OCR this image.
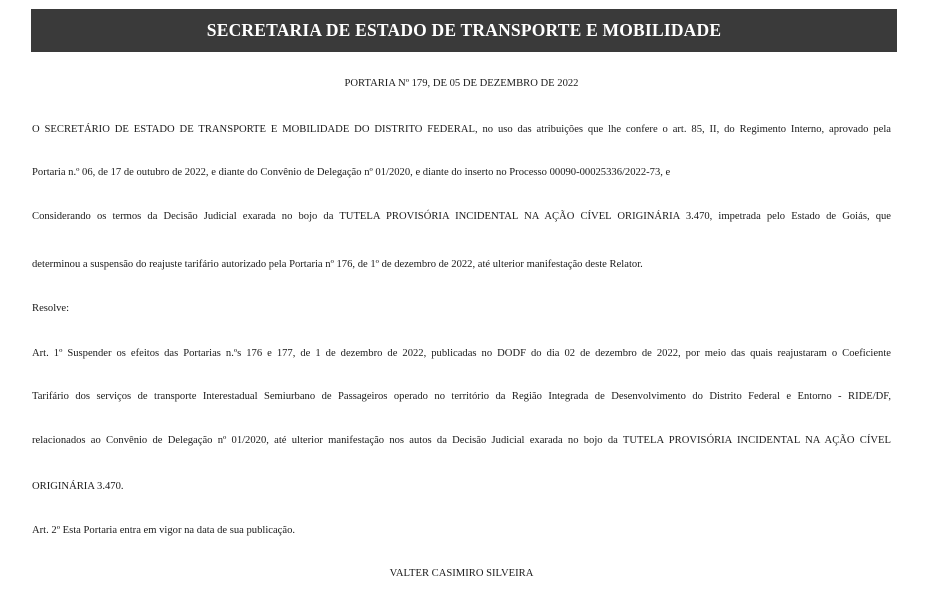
SECRETARIA DE ESTADO DE TRANSPORTE E MOBILIDADE
PORTARIA Nº 179, DE 05 DE DEZEMBRO DE 2022
O SECRETÁRIO DE ESTADO DE TRANSPORTE E MOBILIDADE DO DISTRITO FEDERAL, no uso das atribuições que lhe confere o art. 85, II, do Regimento Interno, aprovado pela
Portaria n.º 06, de 17 de outubro de 2022, e diante do Convênio de Delegação nº 01/2020, e diante do inserto no Processo 00090-00025336/2022-73, e
Considerando os termos da Decisão Judicial exarada no bojo da TUTELA PROVISÓRIA INCIDENTAL NA AÇÃO CÍVEL ORIGINÁRIA 3.470, impetrada pelo Estado de Goiás, que
determinou a suspensão do reajuste tarifário autorizado pela Portaria nº 176, de 1º de dezembro de 2022, até ulterior manifestação deste Relator.
Resolve:
Art. 1º Suspender os efeitos das Portarias n.ºs 176 e 177, de 1 de dezembro de 2022, publicadas no DODF do dia 02 de dezembro de 2022, por meio das quais reajustaram o Coeficiente
Tarifário dos serviços de transporte Interestadual Semiurbano de Passageiros operado no território da Região Integrada de Desenvolvimento do Distrito Federal e Entorno - RIDE/DF,
relacionados ao Convênio de Delegação nº 01/2020, até ulterior manifestação nos autos da Decisão Judicial exarada no bojo da TUTELA PROVISÓRIA INCIDENTAL NA AÇÃO CÍVEL
ORIGINÁRIA 3.470.
Art. 2º Esta Portaria entra em vigor na data de sua publicação.
VALTER CASIMIRO SILVEIRA
